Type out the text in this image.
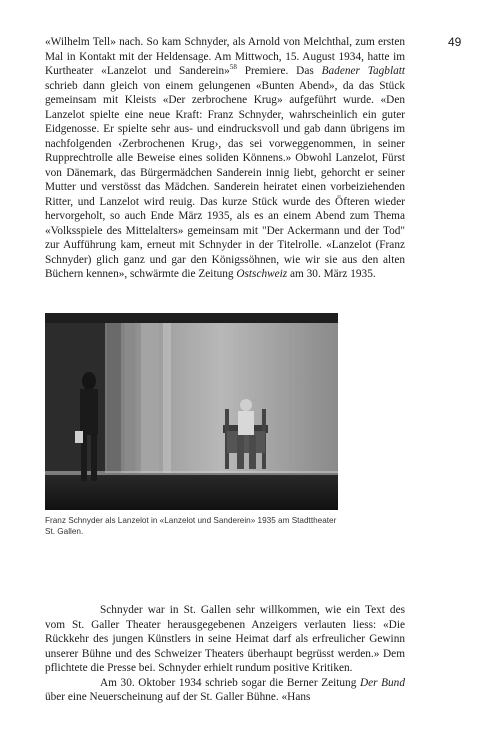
49

«Wilhelm Tell» nach. So kam Schnyder, als Arnold von Melchthal, zum ersten Mal in Kontakt mit der Heldensage. Am Mittwoch, 15. August 1934, hatte im Kurtheater «Lanzelot und Sanderein»$^{58}$ Premiere. Das Badener Tagblatt schrieb dann gleich von einem gelungenen «Bunten Abend», da das Stück gemeinsam mit Kleists «Der zerbrochene Krug» aufgeführt wurde. «Den Lanzelot spielte eine neue Kraft: Franz Schnyder, wahrscheinlich ein guter Eidgenosse. Er spielte sehr aus- und eindrucksvoll und gab dann übrigens im nachfolgenden ‹Zerbrochenen Krug›, das sei vorweggenommen, in seiner Rupprechtrolle alle Beweise eines soliden Könnens.» Obwohl Lanzelot, Fürst von Dänemark, das Bürgermädchen Sanderein innig liebt, gehorcht er seiner Mutter und verstösst das Mädchen. Sanderein heiratet einen vorbeiziehenden Ritter, und Lanzelot wird reuig. Das kurze Stück wurde des Öfteren wieder hervorgeholt, so auch Ende März 1935, als es an einem Abend zum Thema «Volksspiele des Mittelalters» gemeinsam mit "Der Ackermann und der Tod" zur Aufführung kam, erneut mit Schnyder in der Titelrolle. «Lanzelot (Franz Schnyder) glich ganz und gar den Königssöhnen, wie wir sie aus den alten Büchern kennen», schwärmte die Zeitung Ostschweiz am 30. März 1935.

Franz Schnyder als Lanzelot in «Lanzelot und Sanderein» 1935 am Stadttheater St. Gallen.

Schnyder war in St. Gallen sehr willkommen, wie ein Text des vom St. Galler Theater herausgegebenen Anzeigers verlauten liess: «Die Rückkehr des jungen Künstlers in seine Heimat darf als erfreulicher Gewinn unserer Bühne und des Schweizer Theaters überhaupt begrüsst werden.» Dem pflichtete die Presse bei. Schnyder erhielt rundum positive Kritiken.

Am 30. Oktober 1934 schrieb sogar die Berner Zeitung Der Bund über eine Neuerscheinung auf der St. Galler Bühne. «Hans
